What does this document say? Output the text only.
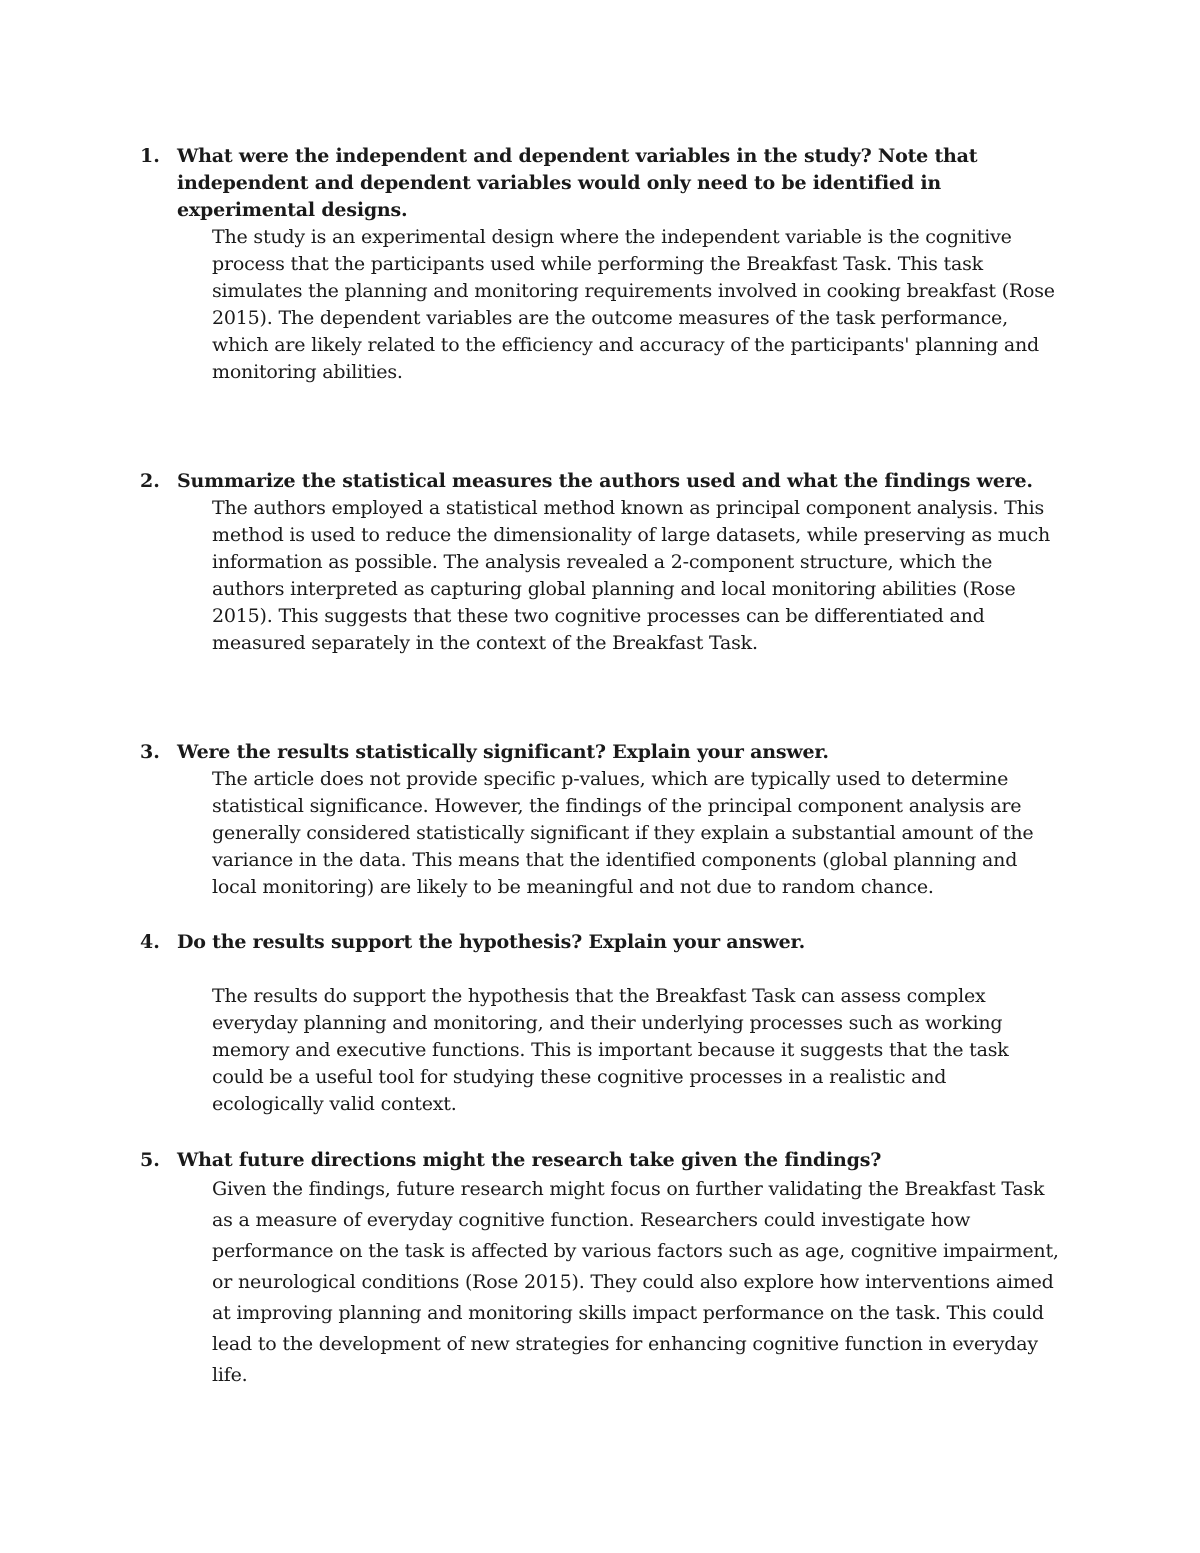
1. What were the independent and dependent variables in the study? Note that independent and dependent variables would only need to be identified in experimental designs.
The study is an experimental design where the independent variable is the cognitive process that the participants used while performing the Breakfast Task. This task simulates the planning and monitoring requirements involved in cooking breakfast (Rose 2015). The dependent variables are the outcome measures of the task performance, which are likely related to the efficiency and accuracy of the participants' planning and monitoring abilities.
2. Summarize the statistical measures the authors used and what the findings were.
The authors employed a statistical method known as principal component analysis. This method is used to reduce the dimensionality of large datasets, while preserving as much information as possible. The analysis revealed a 2-component structure, which the authors interpreted as capturing global planning and local monitoring abilities (Rose 2015). This suggests that these two cognitive processes can be differentiated and measured separately in the context of the Breakfast Task.
3. Were the results statistically significant? Explain your answer.
The article does not provide specific p-values, which are typically used to determine statistical significance. However, the findings of the principal component analysis are generally considered statistically significant if they explain a substantial amount of the variance in the data. This means that the identified components (global planning and local monitoring) are likely to be meaningful and not due to random chance.
4. Do the results support the hypothesis? Explain your answer.
The results do support the hypothesis that the Breakfast Task can assess complex everyday planning and monitoring, and their underlying processes such as working memory and executive functions. This is important because it suggests that the task could be a useful tool for studying these cognitive processes in a realistic and ecologically valid context.
5. What future directions might the research take given the findings?
Given the findings, future research might focus on further validating the Breakfast Task as a measure of everyday cognitive function. Researchers could investigate how performance on the task is affected by various factors such as age, cognitive impairment, or neurological conditions (Rose 2015). They could also explore how interventions aimed at improving planning and monitoring skills impact performance on the task. This could lead to the development of new strategies for enhancing cognitive function in everyday life.
